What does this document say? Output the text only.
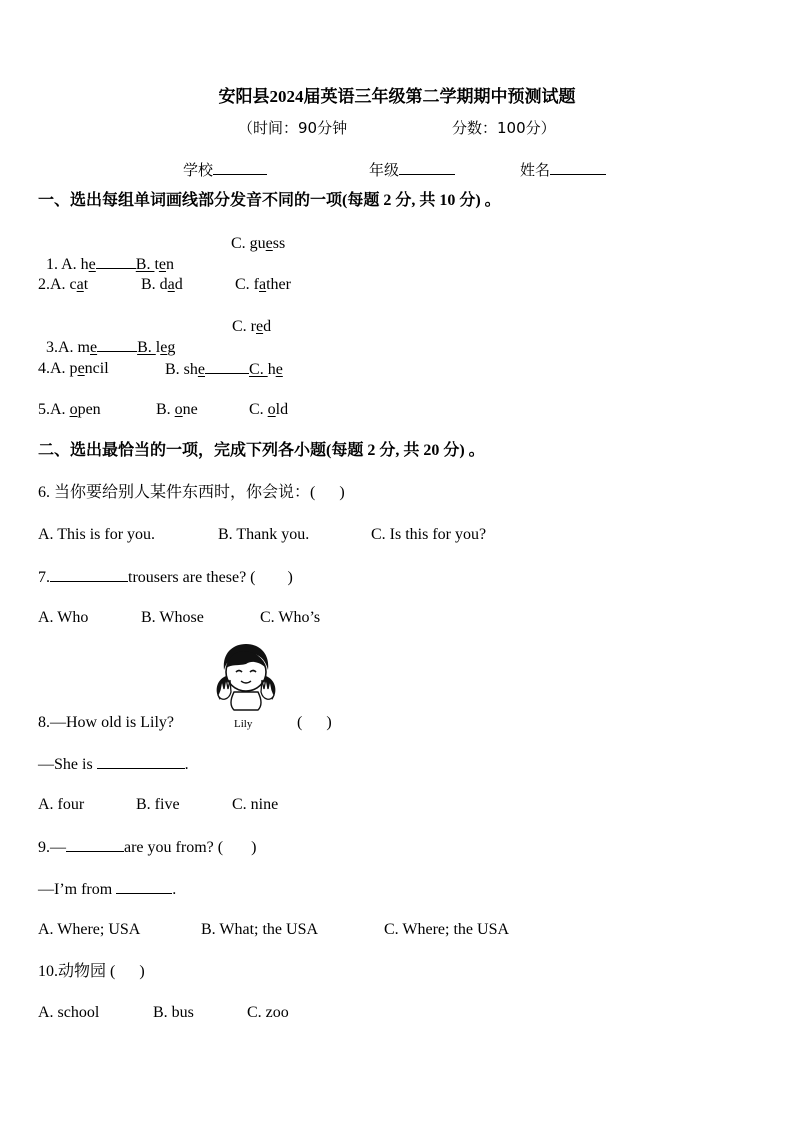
安阳县2024届英语三年级第二学期期中预测试题
（时间：90分钟	分数：100分）
学校	年级	姓名
一、选出每组单词画线部分发音不同的一项(每题 2 分, 共 10 分) 。

1. A. he	B. ten

C. guess

2.A. cat

	B. dad

	C. father

3.A. me	B. leg

C. red

4.A. pencil

	B. she	C. he

5.A. open

	B. one

	C. old

二、选出最恰当的一项，完成下列各小题(每题 2 分, 共 20 分) 。
6. 当你要给别人某件东西时，你会说：(      )

A. This is for you.

	B. Thank you.

	C. Is this for you?

7.	trousers are these? (        )

A. Who

	B. Whose

	C. Who’s

Lily
8.—How old is Lily?	(      )
—She is	.

A. four

	B. five

	C. nine

9.—	are you from? (       )
—I’m from	.

A. Where; USA

	B. What; the USA

	C. Where; the USA

10.动物园 (      )

A. school

	B. bus

	C. zoo
